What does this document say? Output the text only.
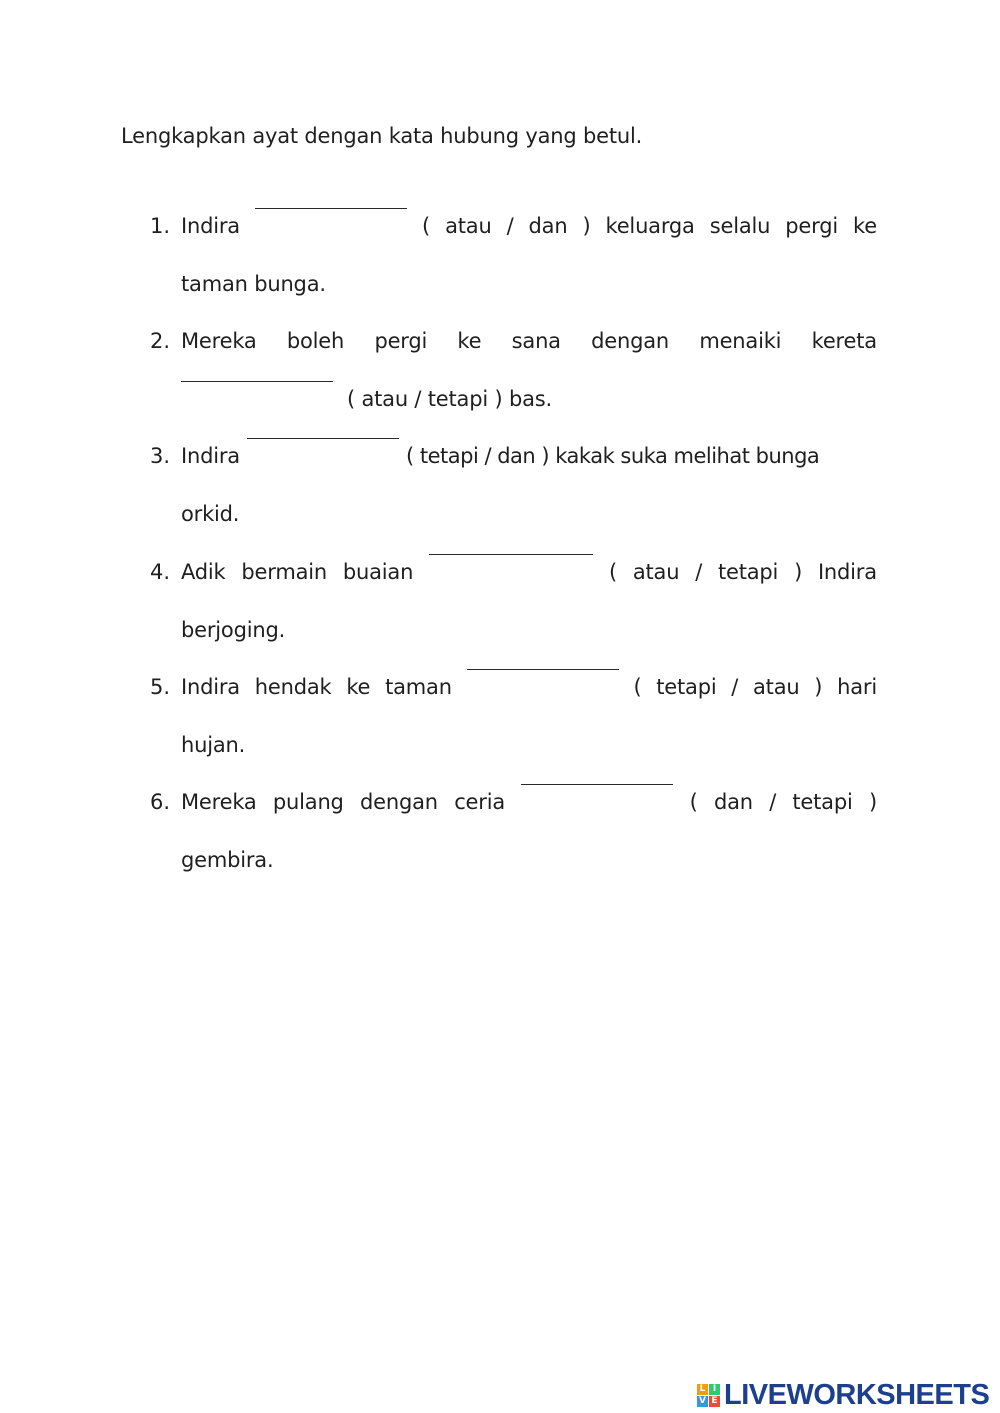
Lengkapkan ayat dengan kata hubung yang betul.
1. Indira	( atau / dan ) keluarga selalu pergi ke
taman bunga.
2. Mereka boleh pergi ke sana dengan menaiki kereta
( atau / tetapi ) bas.
3. Indira	( tetapi / dan ) kakak suka melihat bunga
orkid.
4. Adik bermain buaian	( atau / tetapi ) Indira
berjoging.
5. Indira hendak ke taman	( tetapi / atau ) hari
hujan.
6. Mereka pulang dengan ceria	( dan / tetapi )
gembira.
L I
V E LIVEWORKSHEETS
